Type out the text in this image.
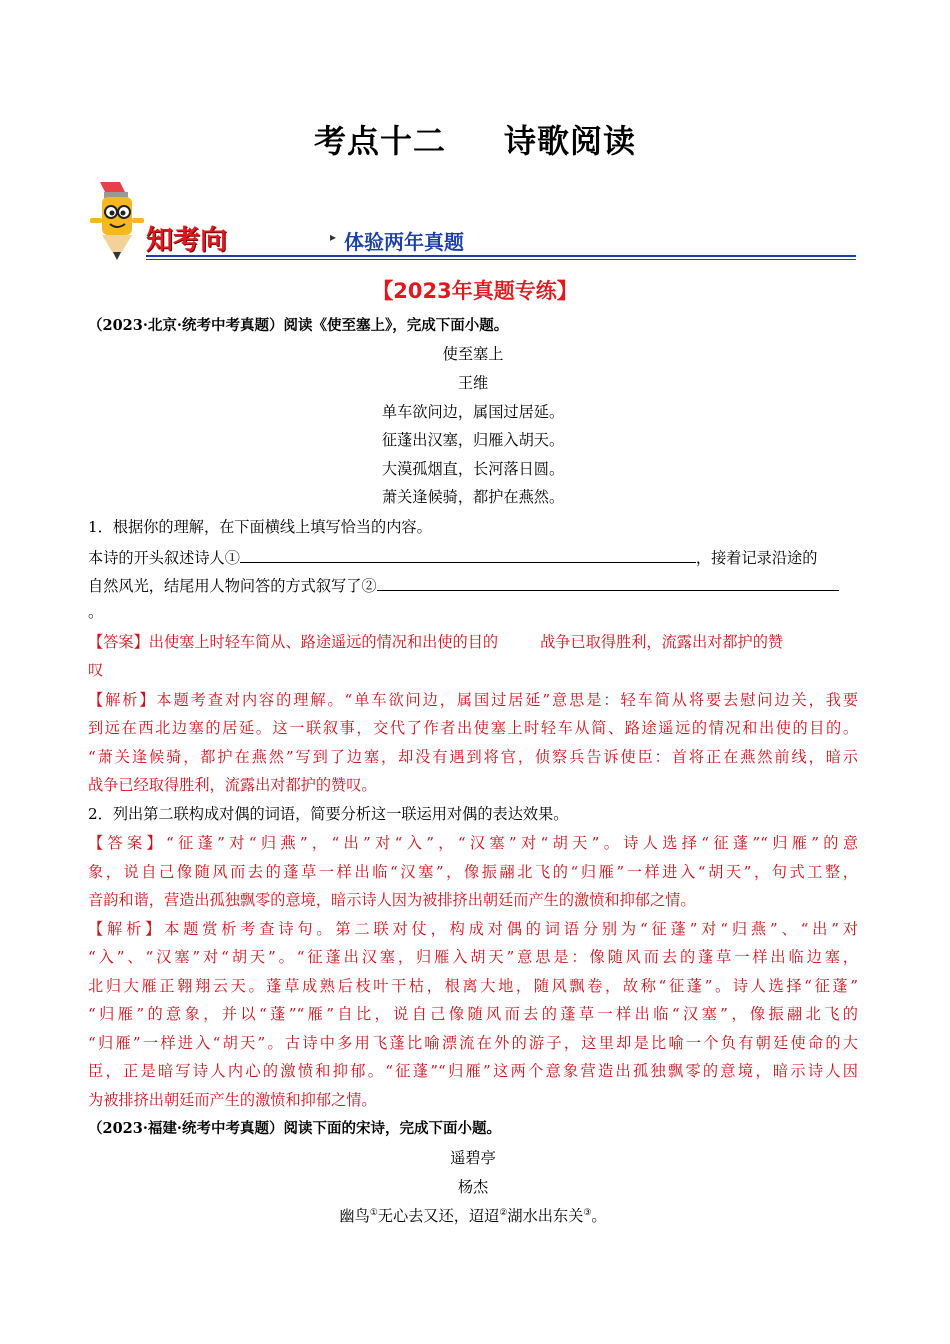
考点十二 诗歌阅读
知考向	▸ 体验两年真题
【2023年真题专练】
（2023·北京·统考中考真题）阅读《使至塞上》，完成下面小题。
使至塞上
王维
单车欲问边，属国过居延。
征蓬出汉塞，归雁入胡天。
大漠孤烟直，长河落日圆。
萧关逢候骑，都护在燕然。
1．根据你的理解，在下面横线上填写恰当的内容。
本诗的开头叙述诗人①	，接着记录沿途的
自然风光，结尾用人物问答的方式叙写了②
。
【答案】出使塞上时轻车简从、路途遥远的情况和出使的目的	战争已取得胜利，流露出对都护的赞
叹
【解析】本题考查对内容的理解。“单车欲问边，属国过居延”意思是：轻车简从将要去慰问边关，我要
到远在西北边塞的居延。这一联叙事，交代了作者出使塞上时轻车从简、路途遥远的情况和出使的目的。
“萧关逢候骑，都护在燕然”写到了边塞，却没有遇到将官，侦察兵告诉使臣：首将正在燕然前线，暗示
战争已经取得胜利，流露出对都护的赞叹。
2．列出第二联构成对偶的词语，简要分析这一联运用对偶的表达效果。
【答案】“征蓬”对“归燕”，“出”对“入”，“汉塞”对“胡天”。诗人选择“征蓬”“归雁”的意
象，说自己像随风而去的蓬草一样出临“汉塞”，像振翮北飞的“归雁”一样进入“胡天”，句式工整，
音韵和谐，营造出孤独飘零的意境，暗示诗人因为被排挤出朝廷而产生的激愤和抑郁之情。
【解析】本题赏析考查诗句。第二联对仗，构成对偶的词语分别为“征蓬”对“归燕”、“出”对
“入”、“汉塞”对“胡天”。“征蓬出汉塞，归雁入胡天”意思是：像随风而去的蓬草一样出临边塞，
北归大雁正翱翔云天。蓬草成熟后枝叶干枯，根离大地，随风飘卷，故称“征蓬”。诗人选择“征蓬”
“归雁”的意象，并以“蓬”“雁”自比，说自己像随风而去的蓬草一样出临“汉塞”，像振翮北飞的
“归雁”一样进入“胡天”。古诗中多用飞蓬比喻漂流在外的游子，这里却是比喻一个负有朝廷使命的大
臣，正是暗写诗人内心的激愤和抑郁。“征蓬”“归雁”这两个意象营造出孤独飘零的意境，暗示诗人因
为被排挤出朝廷而产生的激愤和抑郁之情。
（2023·福建·统考中考真题）阅读下面的宋诗，完成下面小题。
遥碧亭
杨杰
幽鸟①无心去又还，迢迢②湖水出东关③。
